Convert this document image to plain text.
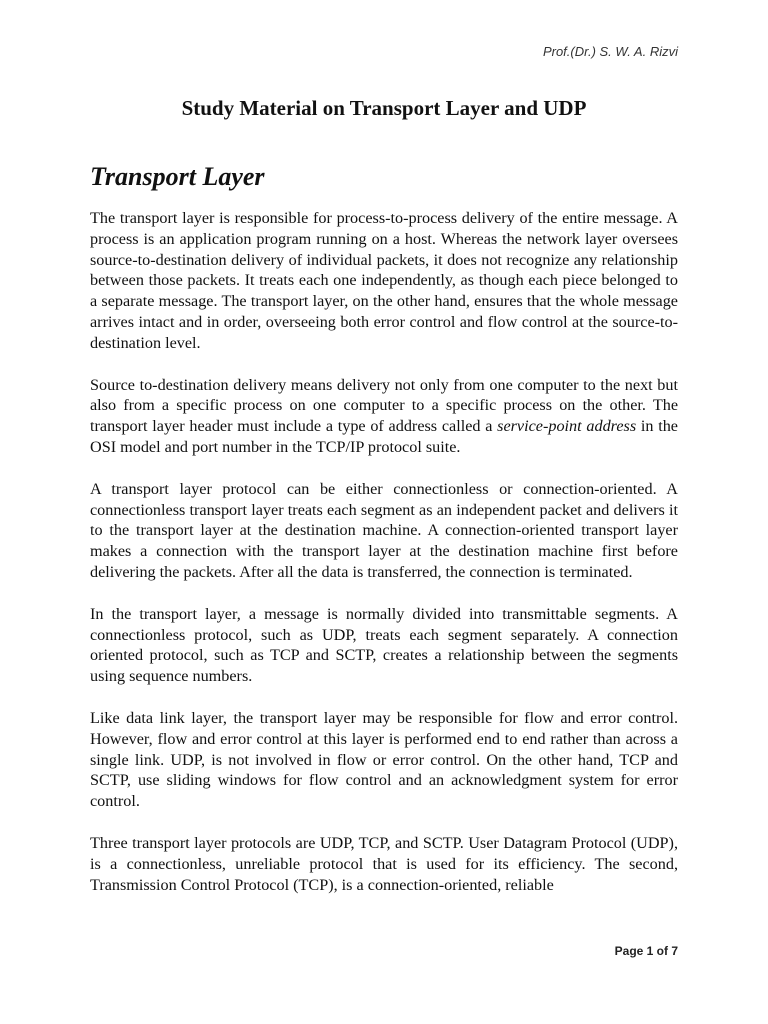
Prof.(Dr.) S. W. A. Rizvi
Study Material on Transport Layer and UDP
Transport Layer

The transport layer is responsible for process-to-process delivery of the entire message. A process is an application program running on a host. Whereas the network layer oversees source-to-destination delivery of individual packets, it does not recognize any relationship between those packets. It treats each one independently, as though each piece belonged to a separate message. The transport layer, on the other hand, ensures that the whole message arrives intact and in order, overseeing both error control and flow control at the source-to-destination level.

Source to-destination delivery means delivery not only from one computer to the next but also from a specific process on one computer to a specific process on the other. The transport layer header must include a type of address called a service-point address in the OSI model and port number in the TCP/IP protocol suite.

A transport layer protocol can be either connectionless or connection-oriented. A connectionless transport layer treats each segment as an independent packet and delivers it to the transport layer at the destination machine. A connection-oriented transport layer makes a connection with the transport layer at the destination machine first before delivering the packets. After all the data is transferred, the connection is terminated.

In the transport layer, a message is normally divided into transmittable segments. A connectionless protocol, such as UDP, treats each segment separately. A connection oriented protocol, such as TCP and SCTP, creates a relationship between the segments using sequence numbers.

Like data link layer, the transport layer may be responsible for flow and error control. However, flow and error control at this layer is performed end to end rather than across a single link. UDP, is not involved in flow or error control. On the other hand, TCP and SCTP, use sliding windows for flow control and an acknowledgment system for error control.

Three transport layer protocols are UDP, TCP, and SCTP. User Datagram Protocol (UDP), is a connectionless, unreliable protocol that is used for its efficiency. The second, Transmission Control Protocol (TCP), is a connection-oriented, reliable

Page 1 of 7
